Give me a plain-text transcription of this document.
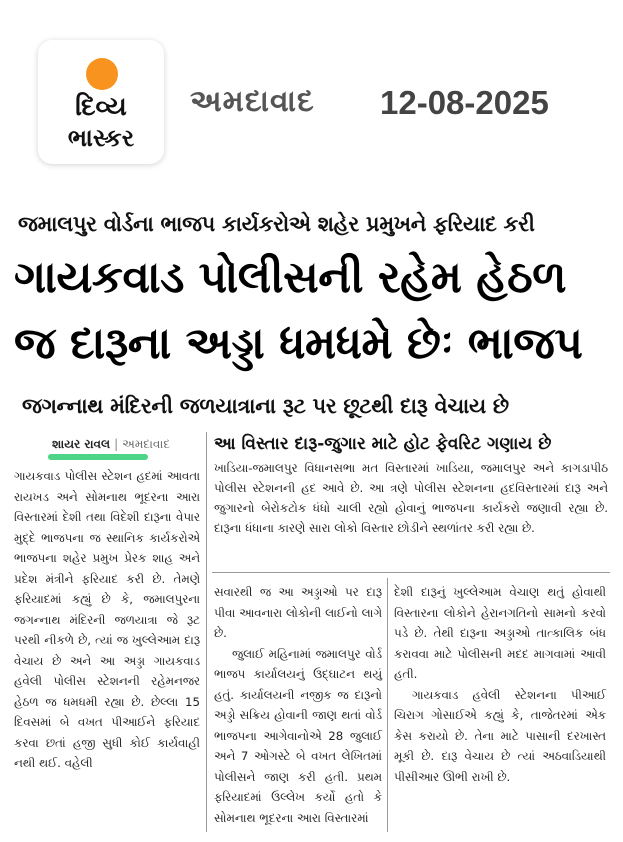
દિવ્ય
ભાસ્કર
અમદાવાદ 12-08-2025
જમાલપુર વોર્ડના ભાજપ કાર્યકરોએ શહેર પ્રમુખને ફરિયાદ કરી
ગાયકવાડ પોલીસની રહેમ હેઠળ
જ દારૂના અડ્ડા ધમધમે છેઃ ભાજપ
જગન્નાથ મંદિરની જળયાત્રાના રૂટ પર છૂટથી દારૂ વેચાય છે
શાયર રાવલ | અમદાવાદ	આ વિસ્તાર દારૂ-જુગાર માટે હોટ ફેવરિટ ગણાય છે
ખાડિયા-જમાલપુર વિધાનસભા મત વિસ્તારમાં ખાડિયા, જમાલપુર અને કાગડાપીઠ પોલીસ સ્ટેશનની હદ આવે છે. આ ત્રણે પોલીસ સ્ટેશનના હદવિસ્તારમાં દારૂ અને જુગારનો બેરોકટોક ધંધો ચાલી રહ્યો હોવાનું ભાજપના કાર્યકરો જણાવી રહ્યા છે. દારૂના ધંધાના કારણે સારા લોકો વિસ્તાર છોડીને સ્થળાંતર કરી રહ્યા છે.

ગાયકવાડ પોલીસ સ્ટેશન હદમાં આવતા રાયખડ અને સોમનાથ ભૂદરના આરા વિસ્તારમાં દેશી તથા વિદેશી દારૂના વેપાર મુદ્દે ભાજપના જ સ્થાનિક કાર્યકરોએ ભાજપના શહેર પ્રમુખ પ્રેરક શાહ અને પ્રદેશ મંત્રીને ફરિયાદ કરી છે. તેમણે ફરિયાદમાં કહ્યું છે કે, જમાલપુરના જગન્નાથ મંદિરની જળયાત્રા જે રૂટ પરથી નીકળે છે, ત્યાં જ ખુલ્લેઆમ દારૂ વેચાય છે અને આ અડ્ડા ગાયકવાડ હવેલી પોલીસ સ્ટેશનની રહેમનજર હેઠળ જ ધમધમી રહ્યા છે. છેલ્લા 15 દિવસમાં બે વખત પીઆઈને ફરિયાદ કરવા છતાં હજી સુધી કોઈ કાર્યવાહી નથી થઈ. વહેલી

સવારથી જ આ અડ્ડાઓ પર દારૂ પીવા આવનારા લોકોની લાઈનો લાગે છે.

જુલાઈ મહિનામાં જમાલપુર વોર્ડ ભાજપ કાર્યાલયનું ઉદ્ઘાટન થયું હતું. કાર્યાલયની નજીક જ દારૂનો અડ્ડો સક્રિય હોવાની જાણ થતાં વોર્ડ ભાજપના આગેવાનોએ 28 જુલાઈ અને 7 ઓગસ્ટે બે વખત લેખિતમાં પોલીસને જાણ કરી હતી. પ્રથમ ફરિયાદમાં ઉલ્લેખ કર્યો હતો કે સોમનાથ ભૂદરના આરા વિસ્તારમાં

દેશી દારૂનું ખુલ્લેઆમ વેચાણ થતું હોવાથી વિસ્તારના લોકોને હેરાનગતિનો સામનો કરવો પડે છે. તેથી દારૂના અડ્ડાઓ તાત્કાલિક બંધ કરાવવા માટે પોલીસની મદદ માગવામાં આવી હતી.

ગાયકવાડ હવેલી સ્ટેશનના પીઆઈ ચિરાગ ગોસાઈએ કહ્યું કે, તાજેતરમાં એક કેસ કરાયો છે. તેના માટે પાસાની દરખાસ્ત મૂકી છે. દારૂ વેચાય છે ત્યાં અઠવાડિયાથી પીસીઆર ઊભી રાખી છે.
